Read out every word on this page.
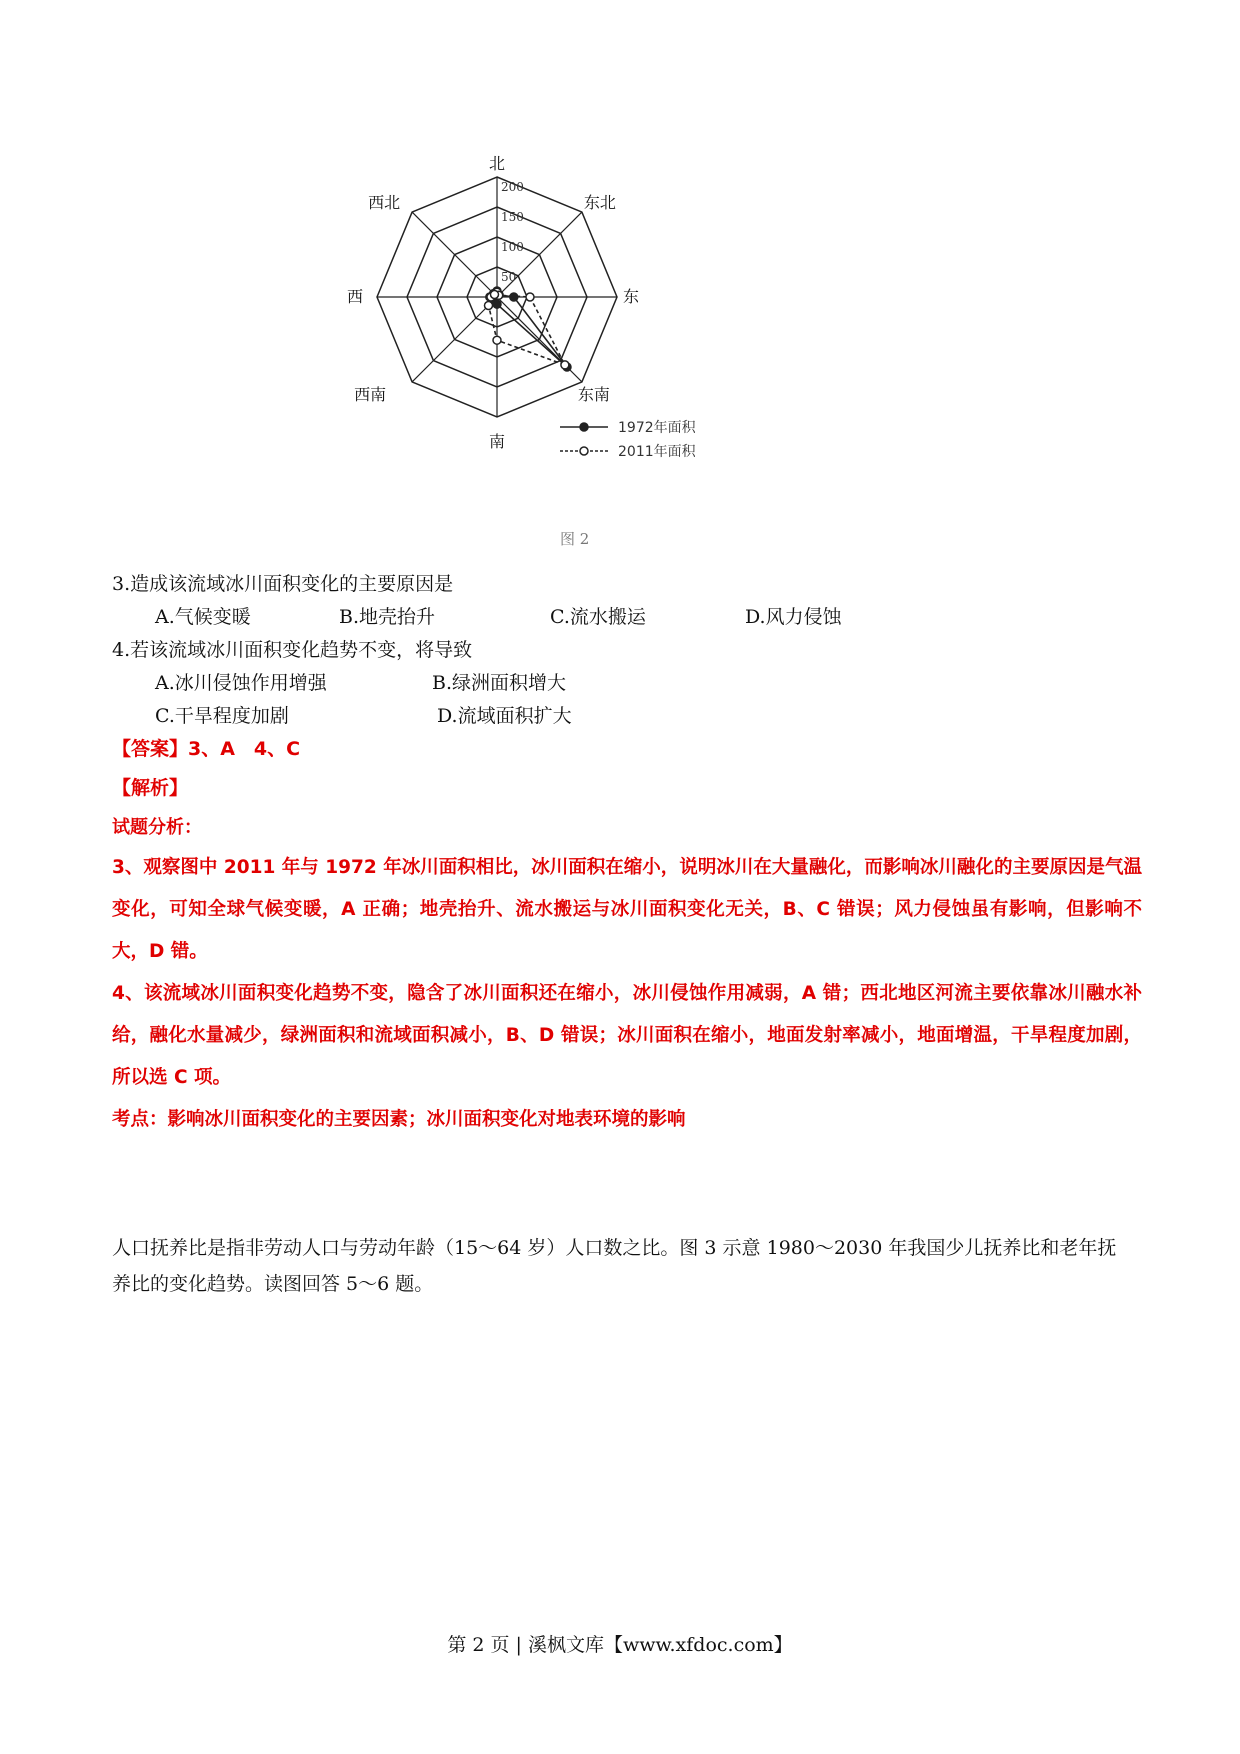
50
100
150
200
北
东北
东
东南
南
西南
西
西北
1972年面积
2011年面积
图 2
3.造成该流域冰川面积变化的主要原因是
A.气候变暖	B.地壳抬升	C.流水搬运	D.风力侵蚀
4.若该流域冰川面积变化趋势不变，将导致
A.冰川侵蚀作用增强	B.绿洲面积增大
C.干旱程度加剧	D.流域面积扩大
【答案】3、A　4、C
【解析】
试题分析：
3、观察图中 2011 年与 1972 年冰川面积相比，冰川面积在缩小，说明冰川在大量融化，而影响冰川融化的主要原因是气温变化，可知全球气候变暖，A 正确；地壳抬升、流水搬运与冰川面积变化无关，B、C 错误；风力侵蚀虽有影响，但影响不大，D 错。
4、该流域冰川面积变化趋势不变，隐含了冰川面积还在缩小，冰川侵蚀作用减弱，A 错；西北地区河流主要依靠冰川融水补给，融化水量减少，绿洲面积和流域面积减小，B、D 错误；冰川面积在缩小，地面发射率减小，地面增温，干旱程度加剧，所以选 C 项。
考点：影响冰川面积变化的主要因素；冰川面积变化对地表环境的影响
人口抚养比是指非劳动人口与劳动年龄（15～64 岁）人口数之比。图 3 示意 1980～2030 年我国少儿抚养比和老年抚养比的变化趋势。读图回答 5～6 题。
第 2 页 | 溪枫文库【www.xfdoc.com】
